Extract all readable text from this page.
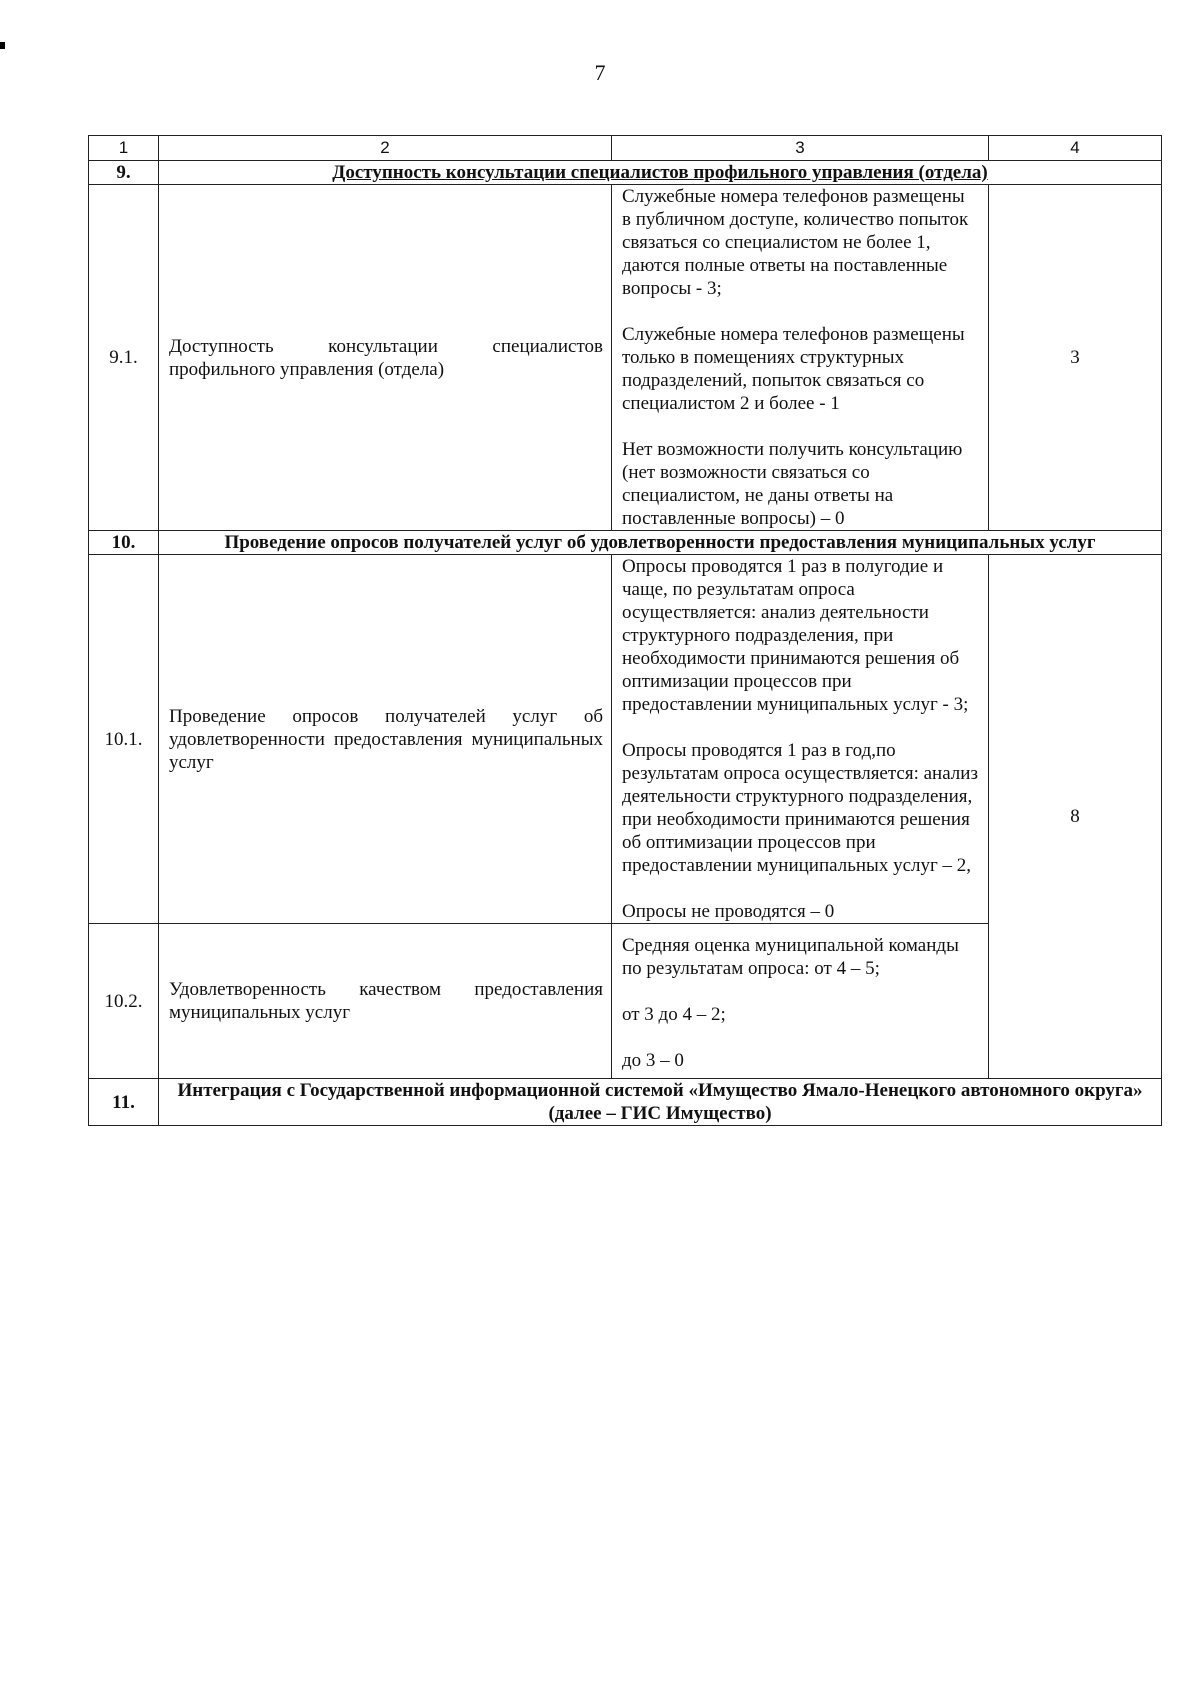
7
1	2	3	4
9.	Доступность консультации специалистов профильного управления (отдела)		
9.1.	Доступность консультации специалистов профильного управления (отдела)	Служебные номера телефонов размещены в публичном доступе, количество попыток связаться со специалистом не более 1, даются полные ответы на поставленные вопросы - 3;

Служебные номера телефонов размещены только в помещениях структурных подразделений, попыток связаться со специалистом 2 и более - 1

Нет возможности получить консультацию (нет возможности связаться со специалистом, не даны ответы на поставленные вопросы) – 0	3
10.	Проведение опросов получателей услуг об удовлетворенности предоставления муниципальных услуг		
10.1.	Проведение опросов получателей услуг об удовлетворенности предоставления муниципальных услуг	Опросы проводятся 1 раз в полугодие и чаще, по результатам опроса осуществляется: анализ деятельности структурного подразделения, при необходимости принимаются решения об оптимизации процессов при предоставлении муниципальных услуг - 3;

Опросы проводятся 1 раз в год,по результатам опроса осуществляется: анализ деятельности структурного подразделения, при необходимости принимаются решения об оптимизации процессов при предоставлении муниципальных услуг – 2,

Опросы не проводятся – 0	8
10.2.	Удовлетворенность качеством предоставления муниципальных услуг	Средняя оценка муниципальной команды по результатам опроса: от 4 – 5;

от 3 до 4 – 2;

до 3 – 0	

11.	Интеграция с Государственной информационной системой «Имущество Ямало-Ненецкого автономного округа» (далее – ГИС Имущество)		
